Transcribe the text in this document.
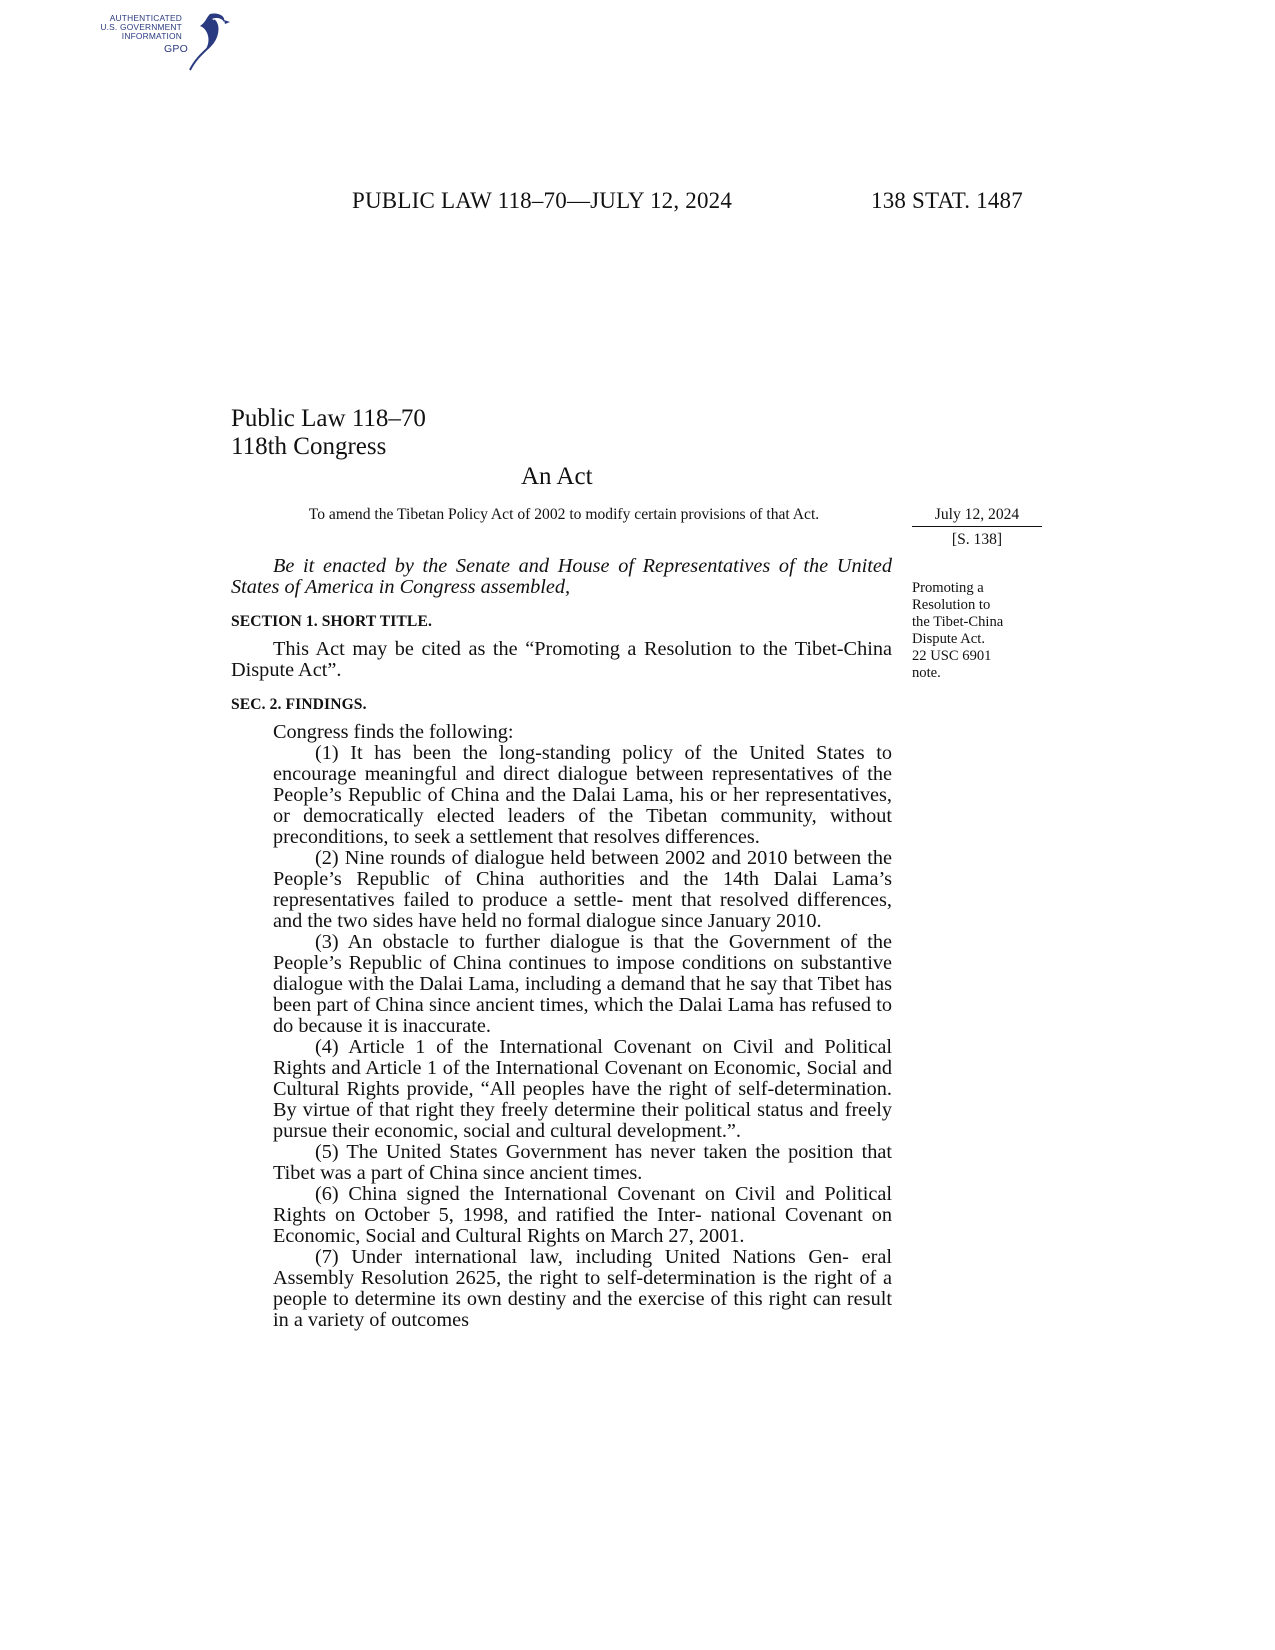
AUTHENTICATED
U.S. GOVERNMENT
INFORMATION
GPO
PUBLIC LAW 118–70—JULY 12, 2024	138 STAT. 1487
Public Law 118–70
118th Congress
An Act
To amend the Tibetan Policy Act of 2002 to modify certain provisions of that Act.	July 12, 2024
[S. 138]
Promoting a
Resolution to
the Tibet-China
Dispute Act.
22 USC 6901
note.

Be it enacted by the Senate and House of Representatives of the United States of America in Congress assembled,

SECTION 1. SHORT TITLE.

This Act may be cited as the “Promoting a Resolution to the Tibet-China Dispute Act”.

SEC. 2. FINDINGS.

Congress finds the following:

(1) It has been the long-standing policy of the United States to encourage meaningful and direct dialogue between representatives of the People’s Republic of China and the Dalai Lama, his or her representatives, or democratically elected leaders of the Tibetan community, without preconditions, to seek a settlement that resolves differences.

(2) Nine rounds of dialogue held between 2002 and 2010 between the People’s Republic of China authorities and the 14th Dalai Lama’s representatives failed to produce a settle- ment that resolved differences, and the two sides have held no formal dialogue since January 2010.

(3) An obstacle to further dialogue is that the Government of the People’s Republic of China continues to impose conditions on substantive dialogue with the Dalai Lama, including a demand that he say that Tibet has been part of China since ancient times, which the Dalai Lama has refused to do because it is inaccurate.

(4) Article 1 of the International Covenant on Civil and Political Rights and Article 1 of the International Covenant on Economic, Social and Cultural Rights provide, “All peoples have the right of self-determination. By virtue of that right they freely determine their political status and freely pursue their economic, social and cultural development.”.

(5) The United States Government has never taken the position that Tibet was a part of China since ancient times.

(6) China signed the International Covenant on Civil and Political Rights on October 5, 1998, and ratified the Inter- national Covenant on Economic, Social and Cultural Rights on March 27, 2001.

(7) Under international law, including United Nations Gen- eral Assembly Resolution 2625, the right to self-determination is the right of a people to determine its own destiny and the exercise of this right can result in a variety of outcomes
